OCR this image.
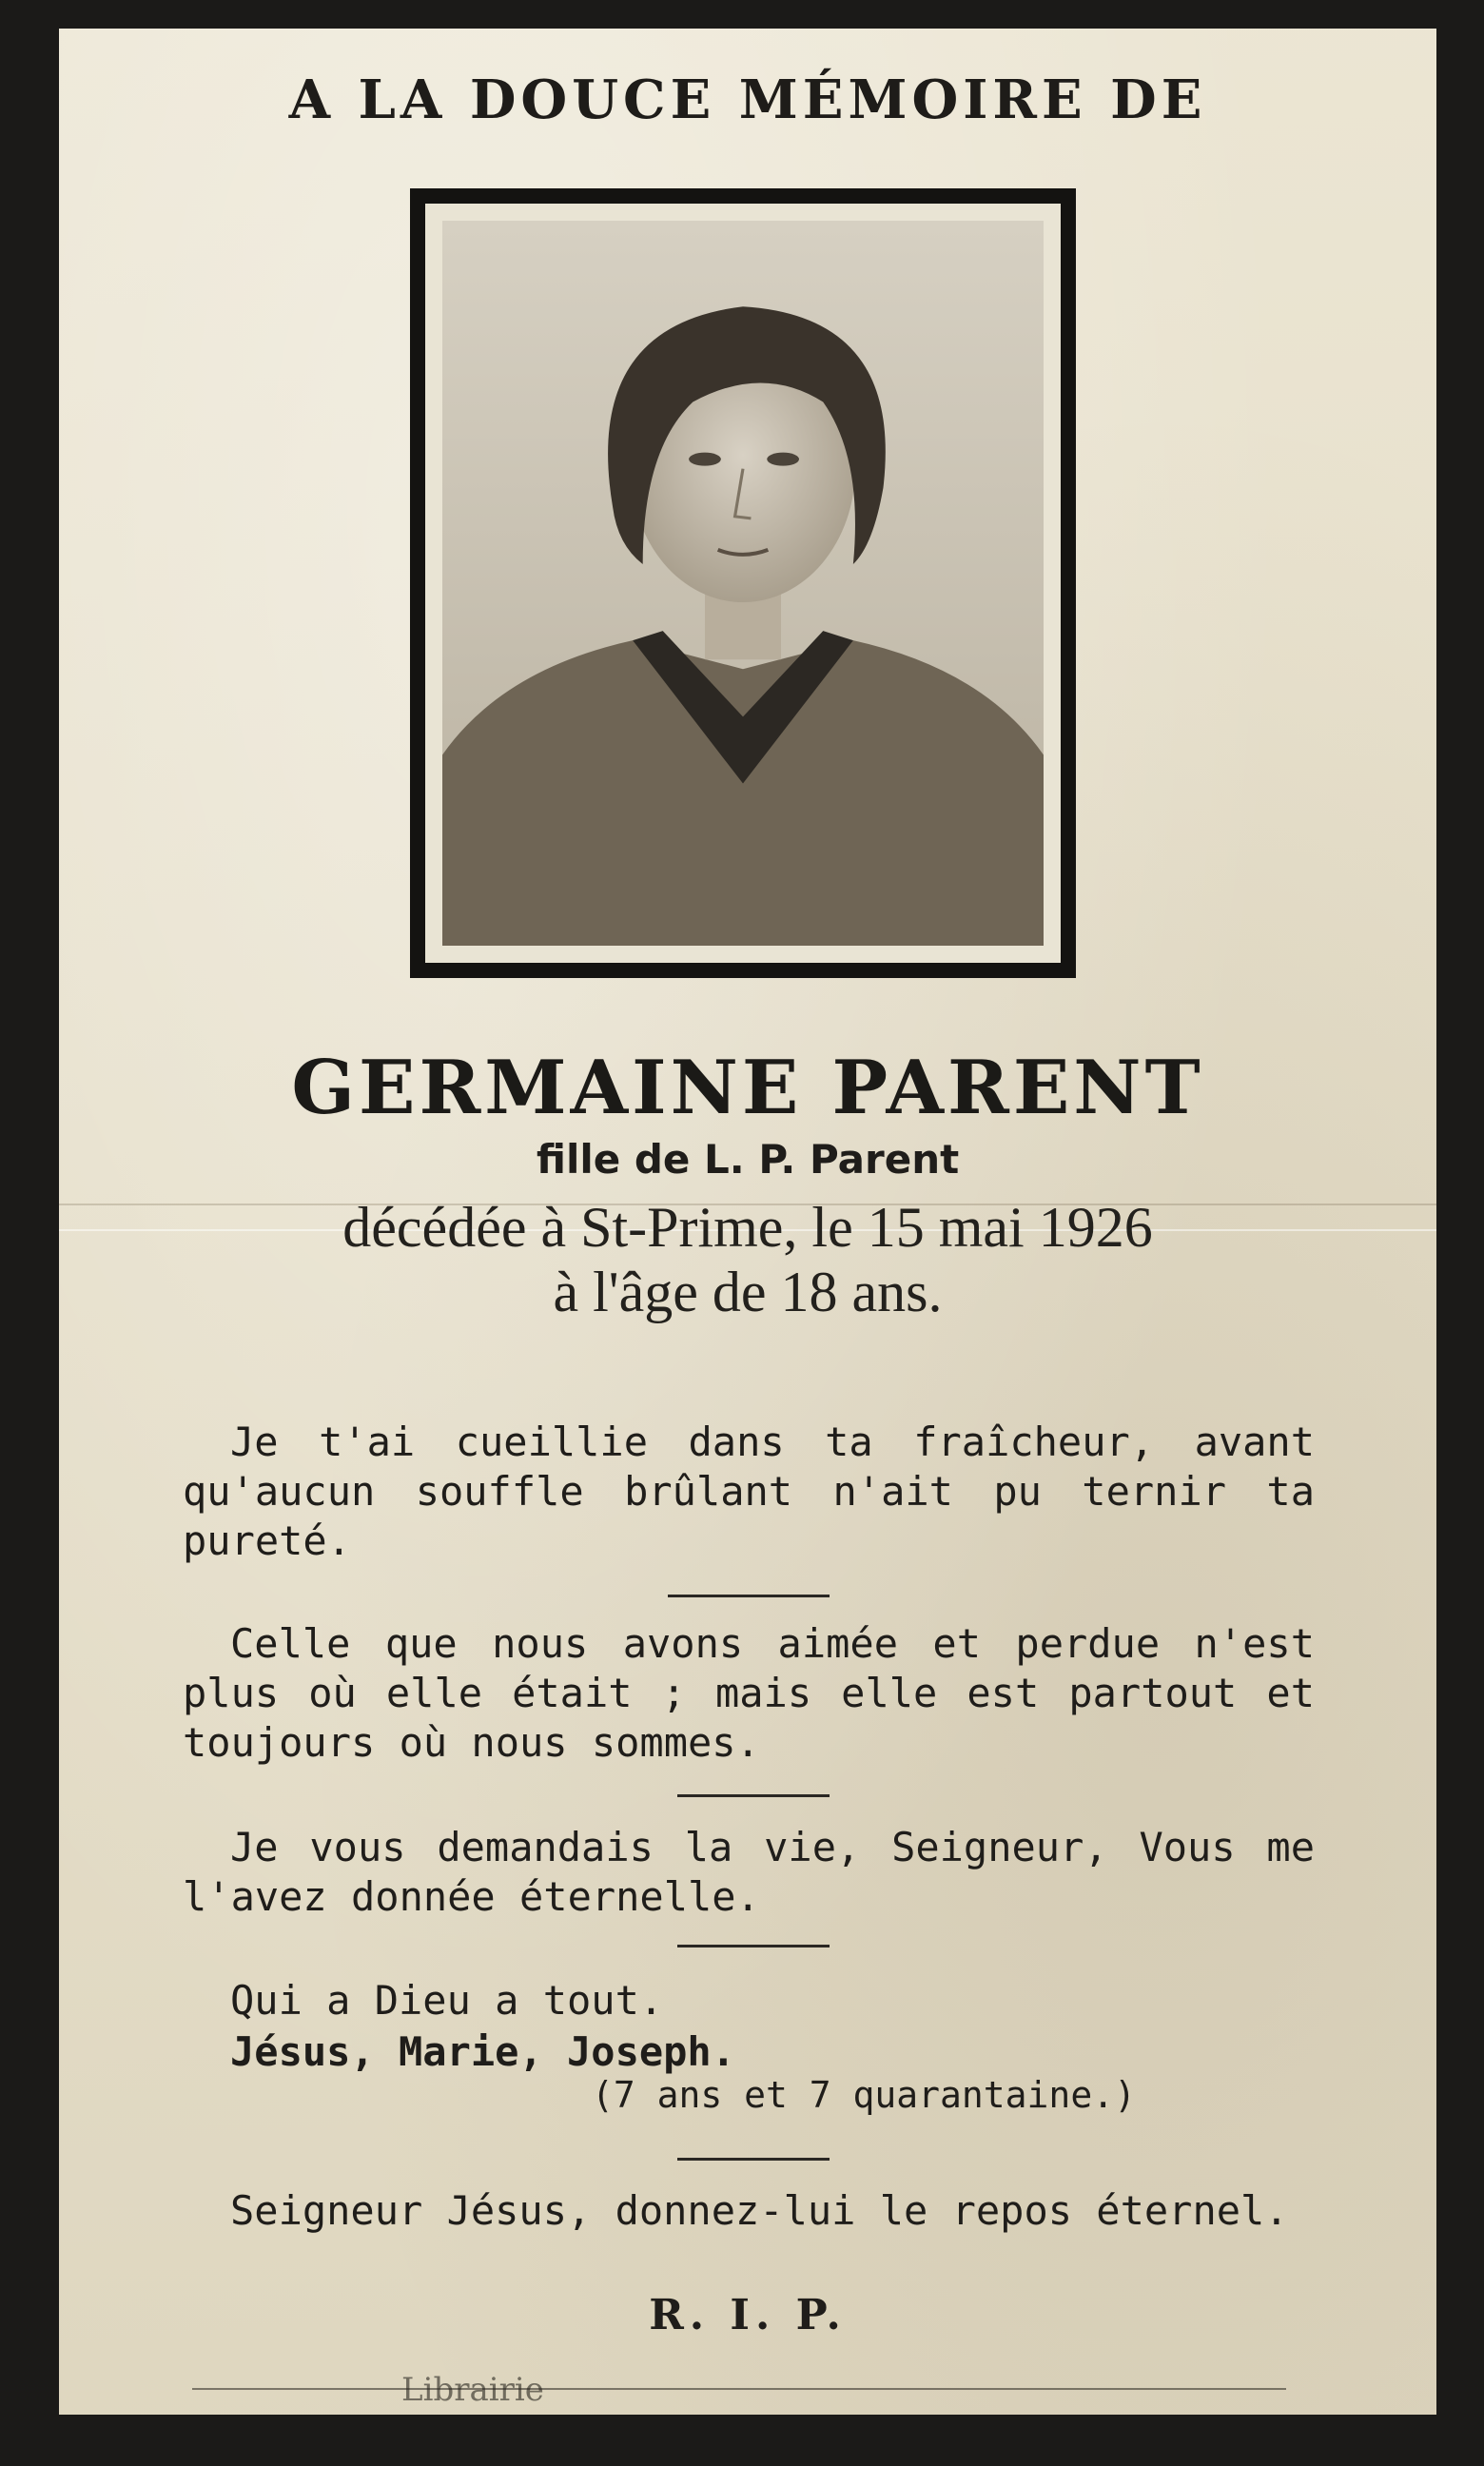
A LA DOUCE MÉMOIRE DE
GERMAINE PARENT
fille de L. P. Parent
décédée à St-Prime, le 15 mai 1926
à l'âge de 18 ans.

Je t'ai cueillie dans ta fraîcheur, avant qu'aucun souffle brûlant n'ait pu ternir ta pureté.

Celle que nous avons aimée et perdue n'est plus où elle était ; mais elle est partout et toujours où nous sommes.

Je vous demandais la vie, Seigneur, Vous me l'avez donnée éternelle.

Qui a Dieu a tout.
Jésus, Marie, Joseph.
(7 ans et 7 quarantaine.)

Seigneur Jésus, donnez-lui le repos éternel.

R. I. P.
Librairie
